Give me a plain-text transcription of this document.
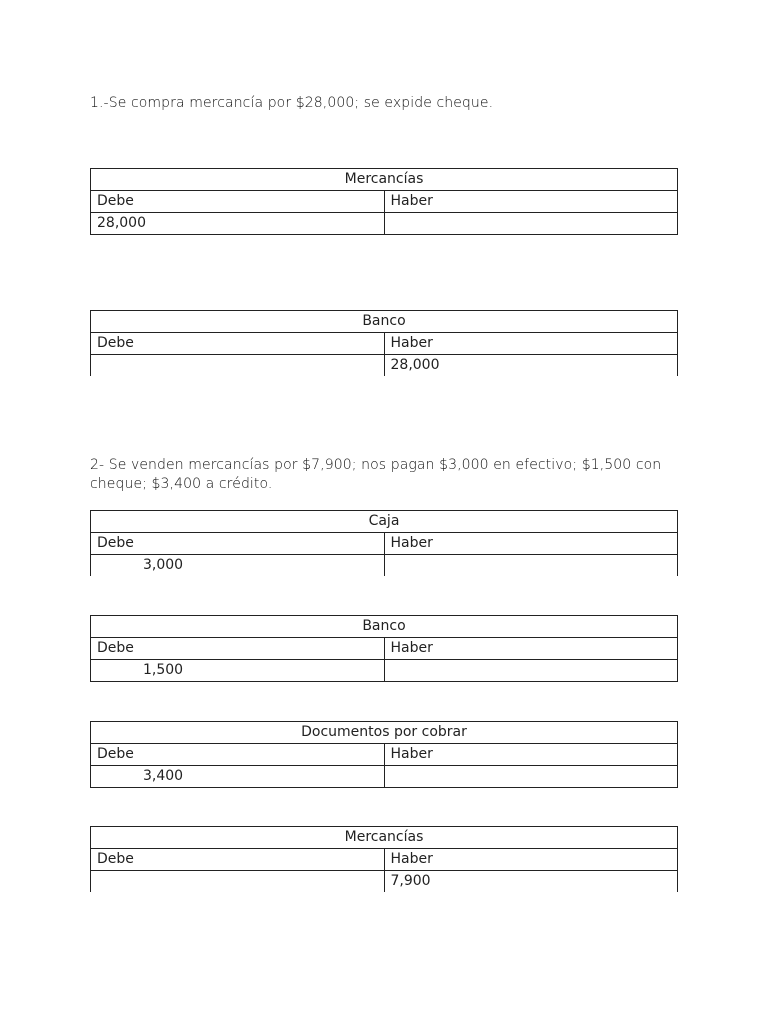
1.-Se compra mercancía por $28,000; se expide cheque.
Mercancías	
Debe	Haber
28,000	
Banco	
Debe	Haber
	28,000
2- Se venden mercancías por $7,900; nos pagan $3,000 en efectivo; $1,500 con cheque; $3,400 a crédito.
Caja	
Debe	Haber
3,000	
Banco	
Debe	Haber
1,500	
Documentos por cobrar	
Debe	Haber
3,400	
Mercancías	
Debe	Haber
	7,900
